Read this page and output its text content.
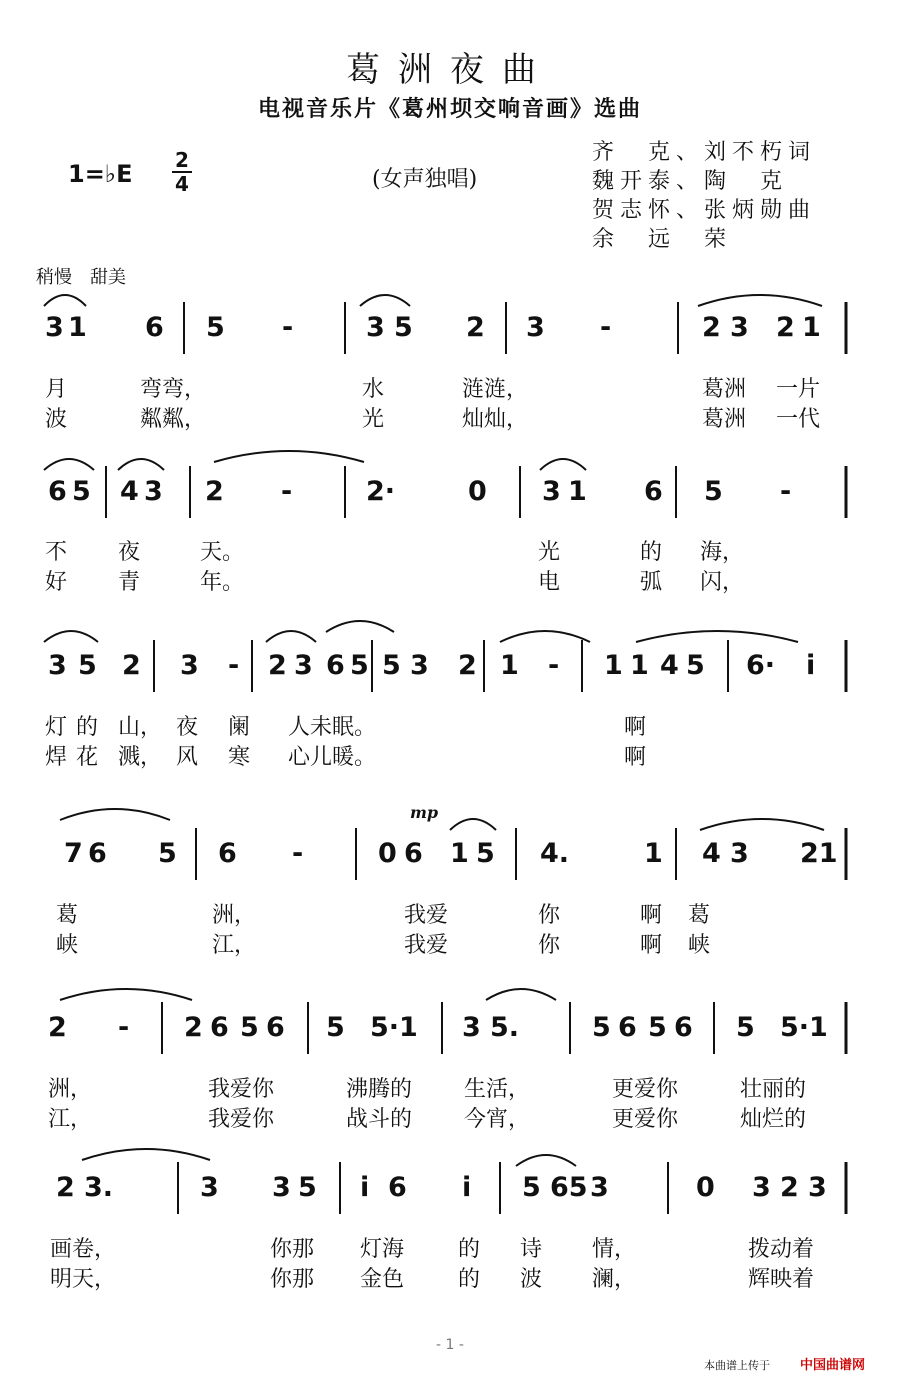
葛洲夜曲
电视音乐片《葛州坝交响音画》选曲
1=♭E 2
4	(女声独唱)
齐　克、刘不朽词
魏开泰、陶　克
贺志怀、张炳勋曲
余　远　荣
稍慢　甜美
3 1 6 5 -	3 5 2 3 -	2 3 2 1
月	弯弯，	水	涟涟，	葛洲 一片
波	粼粼，	光	灿灿，	葛洲 一代
6 5 4 3 2 -	2·	0 3 1 6 5 -
不 夜	天。	光	的 海，
好 青	年。	电	弧 闪，
3 5 2 3 - 2 3 6 5 5 3 2 1 - 1 1 4 5 6· i
灯 的 山， 夜 阑 人未眠。	啊
焊 花 溅， 风 寒 心儿暖。	啊
7 6 5 6 -	0 6 1 5 4.	1 4 3 21
葛	洲，	我爱	你	啊 葛
峡	江，	我爱	你	啊 峡
2 - 2 6 5 6 5 5·1 3 5.	5 6 5 6 5 5·1
洲，	我爱你	沸腾的 生活，	更爱你	壮丽的
江，	我爱你	战斗的 今宵，	更爱你	灿烂的
2 3.	3 3 5 i 6 i 5 65 3	0 3 2 3
画卷，	你那 灯海 的 诗 情，	拨动着
明天，	你那 金色 的 波 澜，	辉映着
mp
- 1 -
本曲谱上传于 中国曲谱网
